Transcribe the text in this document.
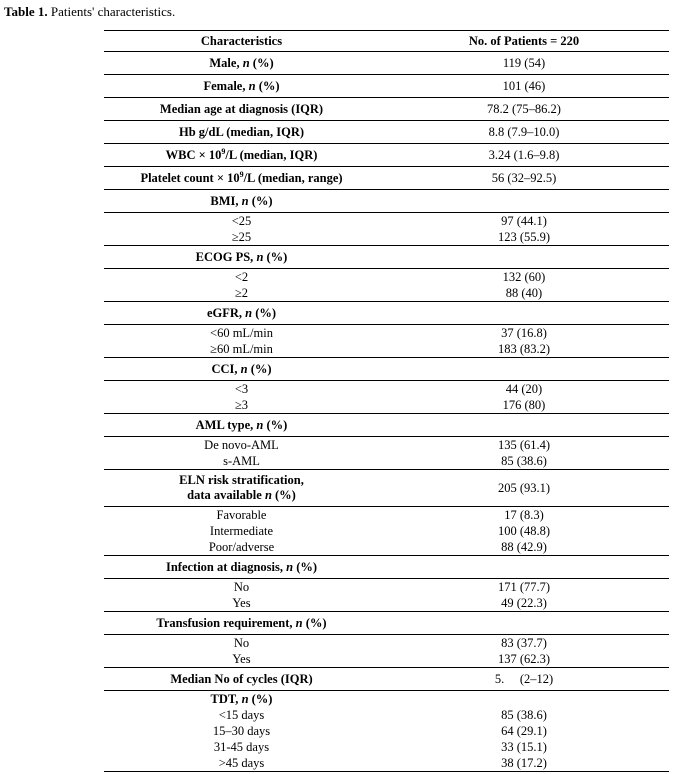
Table 1. Patients' characteristics.
Characteristics	No. of Patients = 220
Male, n (%)	119 (54)
Female, n (%)	101 (46)
Median age at diagnosis (IQR)	78.2 (75–86.2)
Hb g/dL (median, IQR)	8.8 (7.9–10.0)
WBC × $10^9/L$ (median, IQR)	3.24 (1.6–9.8)
Platelet count × $10^9/L$ (median, range)	56 (32–92.5)
BMI, n (%)	
<25	97 (44.1)
≥25	123 (55.9)
ECOG PS, n (%)	
<2	132 (60)
≥2	88 (40)
eGFR, n (%)	
<60 mL/min	37 (16.8)
≥60 mL/min	183 (83.2)
CCI, n (%)	
<3	44 (20)
≥3	176 (80)
AML type, n (%)	
De novo-AML	135 (61.4)
s-AML	85 (38.6)
ELN risk stratification,
data available n (%)	205 (93.1)
Favorable	17 (8.3)
Intermediate	100 (48.8)
Poor/adverse	88 (42.9)
Infection at diagnosis, n (%)	
No	171 (77.7)
Yes	49 (22.3)
Transfusion requirement, n (%)	
No	83 (37.7)
Yes	137 (62.3)
Median No of cycles (IQR)	5.     (2–12)
TDT, n (%)	
<15 days	85 (38.6)
15–30 days	64 (29.1)
31-45 days	33 (15.1)
>45 days	38 (17.2)
